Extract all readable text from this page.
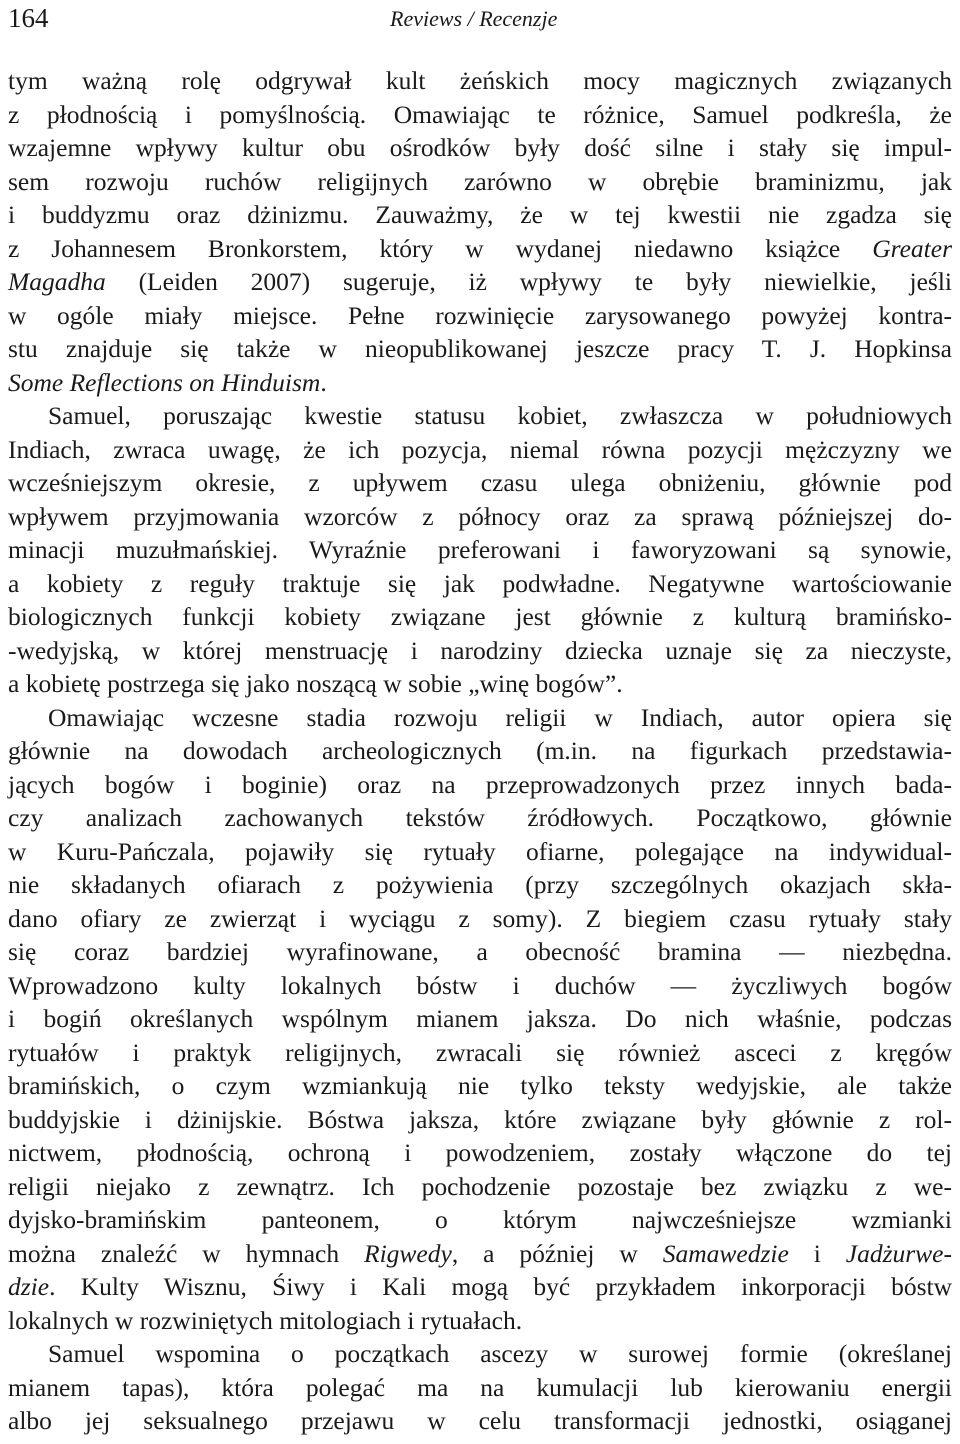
164	Reviews / Recenzje
tym ważną rolę odgrywał kult żeńskich mocy magicznych związanych
z płodnością i pomyślnością. Omawiając te różnice, Samuel podkreśla, że
wzajemne wpływy kultur obu ośrodków były dość silne i stały się impul-
sem rozwoju ruchów religijnych zarówno w obrębie braminizmu, jak
i buddyzmu oraz dżinizmu. Zauważmy, że w tej kwestii nie zgadza się
z Johannesem Bronkorstem, który w wydanej niedawno książce Greater
Magadha (Leiden 2007) sugeruje, iż wpływy te były niewielkie, jeśli
w ogóle miały miejsce. Pełne rozwinięcie zarysowanego powyżej kontra-
stu znajduje się także w nieopublikowanej jeszcze pracy T. J. Hopkinsa
Some Reflections on Hinduism.
Samuel, poruszając kwestie statusu kobiet, zwłaszcza w południowych
Indiach, zwraca uwagę, że ich pozycja, niemal równa pozycji mężczyzny we
wcześniejszym okresie, z upływem czasu ulega obniżeniu, głównie pod
wpływem przyjmowania wzorców z północy oraz za sprawą późniejszej do-
minacji muzułmańskiej. Wyraźnie preferowani i faworyzowani są synowie,
a kobiety z reguły traktuje się jak podwładne. Negatywne wartościowanie
biologicznych funkcji kobiety związane jest głównie z kulturą bramińsko-
-wedyjską, w której menstruację i narodziny dziecka uznaje się za nieczyste,
a kobietę postrzega się jako noszącą w sobie „winę bogów”.
Omawiając wczesne stadia rozwoju religii w Indiach, autor opiera się
głównie na dowodach archeologicznych (m.in. na figurkach przedstawia-
jących bogów i boginie) oraz na przeprowadzonych przez innych bada-
czy analizach zachowanych tekstów źródłowych. Początkowo, głównie
w Kuru-Pańczala, pojawiły się rytuały ofiarne, polegające na indywidual-
nie składanych ofiarach z pożywienia (przy szczególnych okazjach skła-
dano ofiary ze zwierząt i wyciągu z somy). Z biegiem czasu rytuały stały
się coraz bardziej wyrafinowane, a obecność bramina — niezbędna.
Wprowadzono kulty lokalnych bóstw i duchów — życzliwych bogów
i bogiń określanych wspólnym mianem jaksza. Do nich właśnie, podczas
rytuałów i praktyk religijnych, zwracali się również asceci z kręgów
bramińskich, o czym wzmiankują nie tylko teksty wedyjskie, ale także
buddyjskie i dżinijskie. Bóstwa jaksza, które związane były głównie z rol-
nictwem, płodnością, ochroną i powodzeniem, zostały włączone do tej
religii niejako z zewnątrz. Ich pochodzenie pozostaje bez związku z we-
dyjsko-bramińskim panteonem, o którym najwcześniejsze wzmianki
można znaleźć w hymnach Rigwedy, a później w Samawedzie i Jadżurwe-
dzie. Kulty Wisznu, Śiwy i Kali mogą być przykładem inkorporacji bóstw
lokalnych w rozwiniętych mitologiach i rytuałach.
Samuel wspomina o początkach ascezy w surowej formie (określanej
mianem tapas), która polegać ma na kumulacji lub kierowaniu energii
albo jej seksualnego przejawu w celu transformacji jednostki, osiąganej
